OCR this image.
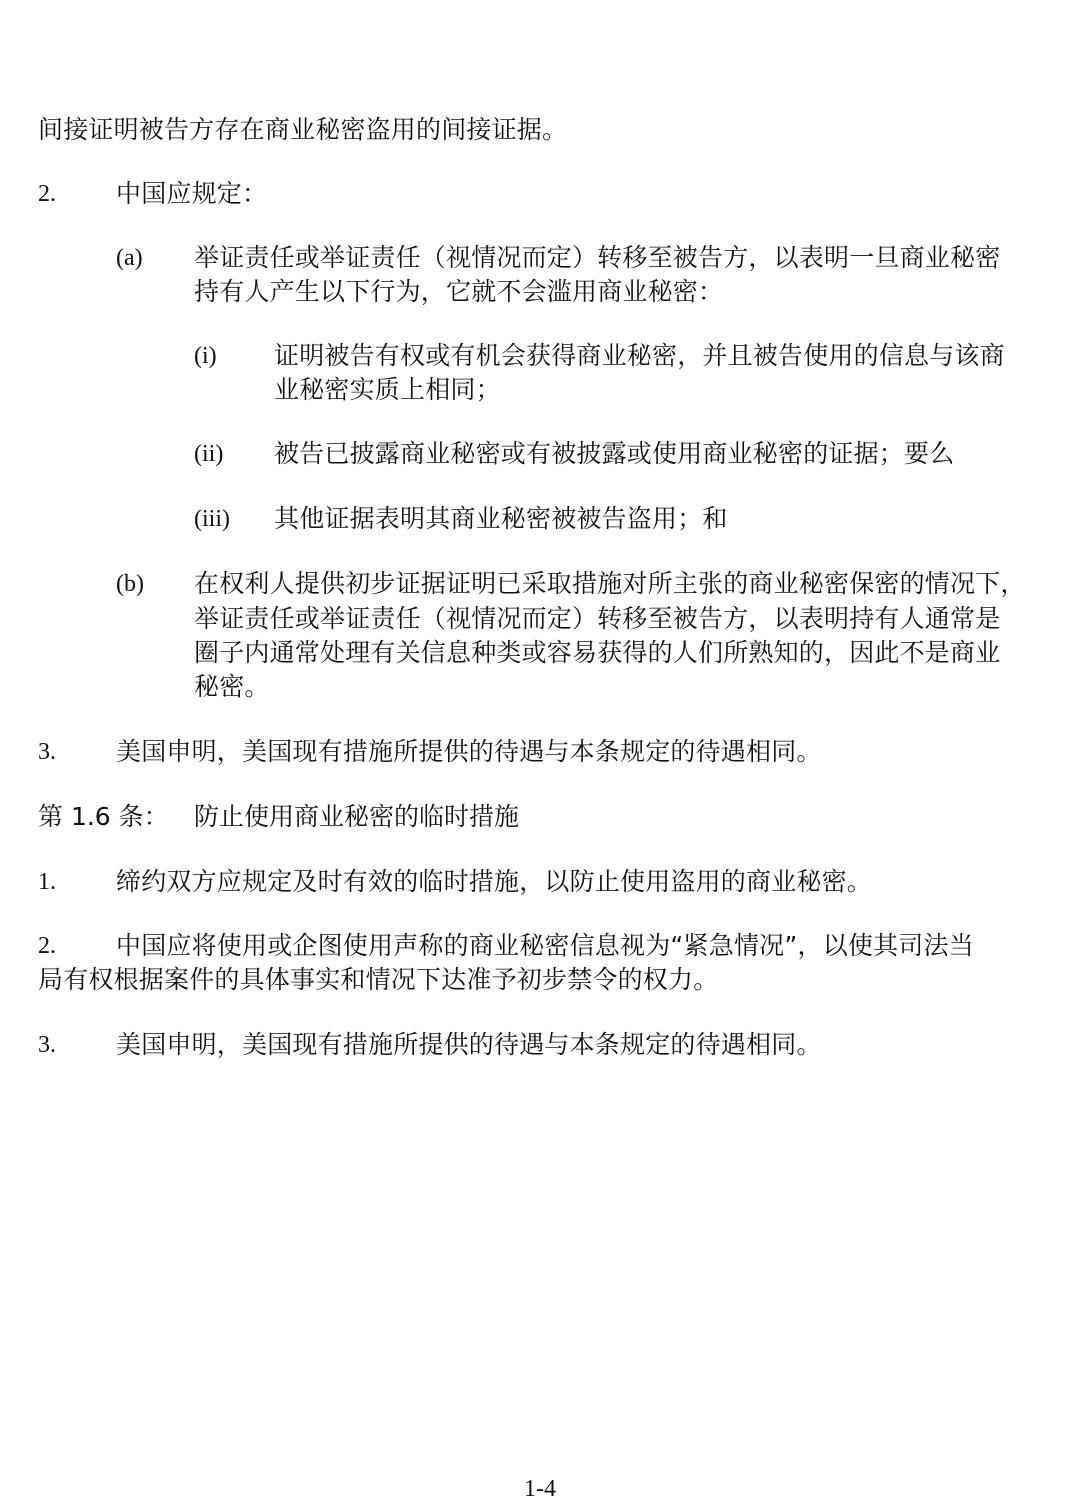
间接证明被告方存在商业秘密盗用的间接证据。
2. 中国应规定：
(a) 举证责任或举证责任（视情况而定）转移至被告方，以表明一旦商业秘密
持有人产生以下行为，它就不会滥用商业秘密：
(i) 证明被告有权或有机会获得商业秘密，并且被告使用的信息与该商
业秘密实质上相同；
(ii) 被告已披露商业秘密或有被披露或使用商业秘密的证据；要么
(iii) 其他证据表明其商业秘密被被告盗用；和
(b) 在权利人提供初步证据证明已采取措施对所主张的商业秘密保密的情况下，
举证责任或举证责任（视情况而定）转移至被告方，以表明持有人通常是
圈子内通常处理有关信息种类或容易获得的人们所熟知的，因此不是商业
秘密。
3. 美国申明，美国现有措施所提供的待遇与本条规定的待遇相同。
第 1.6 条： 防止使用商业秘密的临时措施
1. 缔约双方应规定及时有效的临时措施，以防止使用盗用的商业秘密。
2. 中国应将使用或企图使用声称的商业秘密信息视为“紧急情况”，以使其司法当
局有权根据案件的具体事实和情况下达准予初步禁令的权力。
3. 美国申明，美国现有措施所提供的待遇与本条规定的待遇相同。
1-4
